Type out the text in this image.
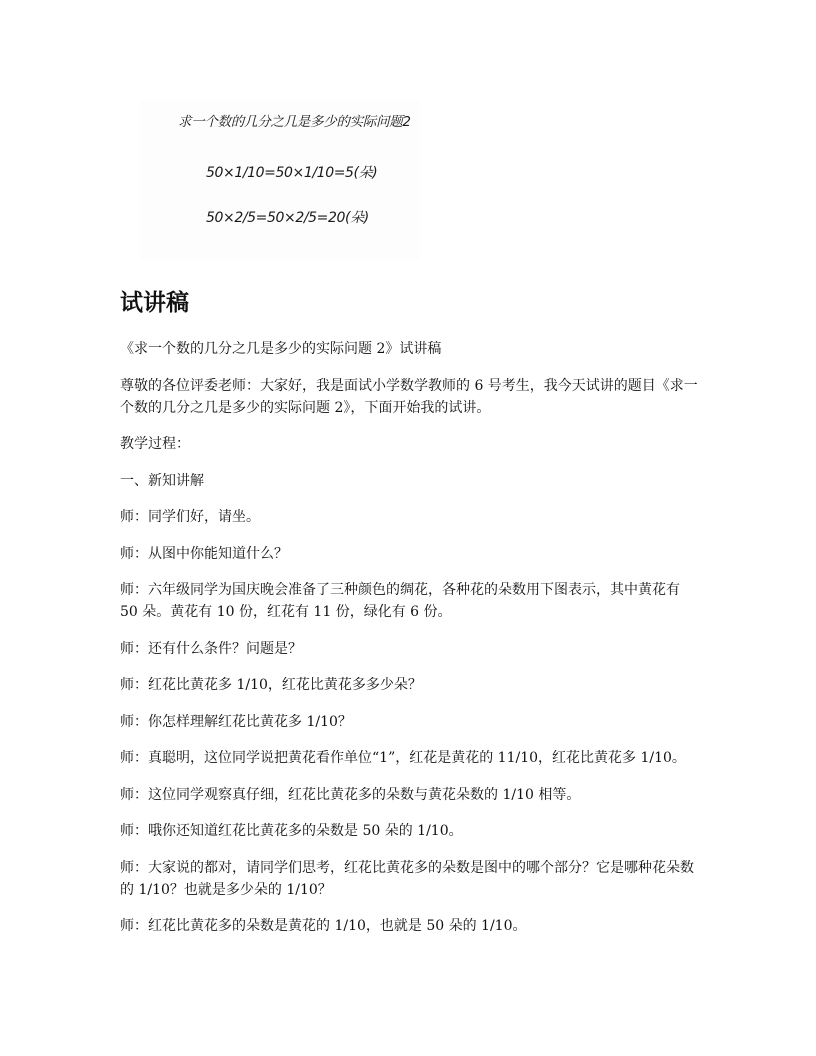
求一个数的几分之几是多少的实际问题2
50×1/10=50×1/10=5(朵)
50×2/5=50×2/5=20(朵)
试讲稿

《求一个数的几分之几是多少的实际问题 2》试讲稿

尊敬的各位评委老师：大家好，我是面试小学数学教师的 6 号考生，我今天试讲的题目《求一个数的几分之几是多少的实际问题 2》，下面开始我的试讲。

教学过程：

一、新知讲解

师：同学们好，请坐。

师：从图中你能知道什么？

师：六年级同学为国庆晚会准备了三种颜色的绸花，各种花的朵数用下图表示，其中黄花有 50 朵。黄花有 10 份，红花有 11 份，绿化有 6 份。

师：还有什么条件？问题是？

师：红花比黄花多 1/10，红花比黄花多多少朵？

师：你怎样理解红花比黄花多 1/10？

师：真聪明，这位同学说把黄花看作单位“1”，红花是黄花的 11/10，红花比黄花多 1/10。

师：这位同学观察真仔细，红花比黄花多的朵数与黄花朵数的 1/10 相等。

师：哦你还知道红花比黄花多的朵数是 50 朵的 1/10。

师：大家说的都对，请同学们思考，红花比黄花多的朵数是图中的哪个部分？它是哪种花朵数的 1/10？也就是多少朵的 1/10？

师：红花比黄花多的朵数是黄花的 1/10，也就是 50 朵的 1/10。
